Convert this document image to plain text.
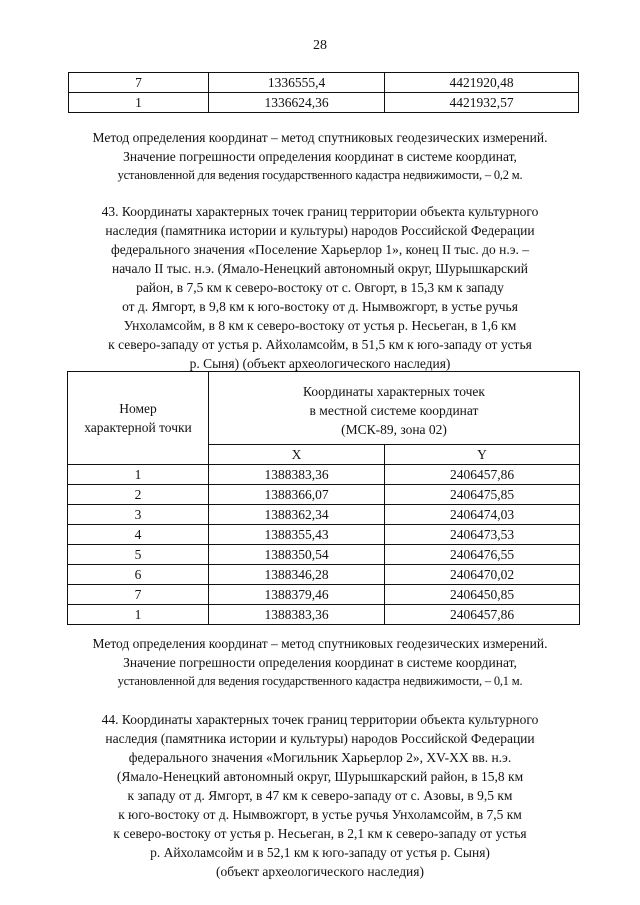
28
7	1336555,4	4421920,48
1	1336624,36	4421932,57
Метод определения координат – метод спутниковых геодезических измерений.
Значение погрешности определения координат в системе координат,
установленной для ведения государственного кадастра недвижимости, – 0,2 м.
43. Координаты характерных точек границ территории объекта культурного
наследия (памятника истории и культуры) народов Российской Федерации
федерального значения «Поселение Харьерлор 1», конец II тыс. до н.э. –
начало II тыс. н.э. (Ямало-Ненецкий автономный округ, Шурышкарский
район, в 7,5 км к северо-востоку от с. Овгорт, в 15,3 км к западу
от д. Ямгорт, в 9,8 км к юго-востоку от д. Нымвожгорт, в устье ручья
Унхоламсойм, в 8 км к северо-востоку от устья р. Несьеган, в 1,6 км
к северо-западу от устья р. Айхоламсойм, в 51,5 км к юго-западу от устья
р. Сыня) (объект археологического наследия)
Номер
характерной точки	Координаты характерных точек
в местной системе координат
(МСК-89, зона 02)	
	X	Y
1	1388383,36	2406457,86
2	1388366,07	2406475,85
3	1388362,34	2406474,03
4	1388355,43	2406473,53
5	1388350,54	2406476,55
6	1388346,28	2406470,02
7	1388379,46	2406450,85
1	1388383,36	2406457,86
Метод определения координат – метод спутниковых геодезических измерений.
Значение погрешности определения координат в системе координат,
установленной для ведения государственного кадастра недвижимости, – 0,1 м.
44. Координаты характерных точек границ территории объекта культурного
наследия (памятника истории и культуры) народов Российской Федерации
федерального значения «Могильник Харьерлор 2», XV-XX вв. н.э.
(Ямало-Ненецкий автономный округ, Шурышкарский район, в 15,8 км
к западу от д. Ямгорт, в 47 км к северо-западу от с. Азовы, в 9,5 км
к юго-востоку от д. Нымвожгорт, в устье ручья Унхоламсойм, в 7,5 км
к северо-востоку от устья р. Несьеган, в 2,1 км к северо-западу от устья
р. Айхоламсойм и в 52,1 км к юго-западу от устья р. Сыня)
(объект археологического наследия)
